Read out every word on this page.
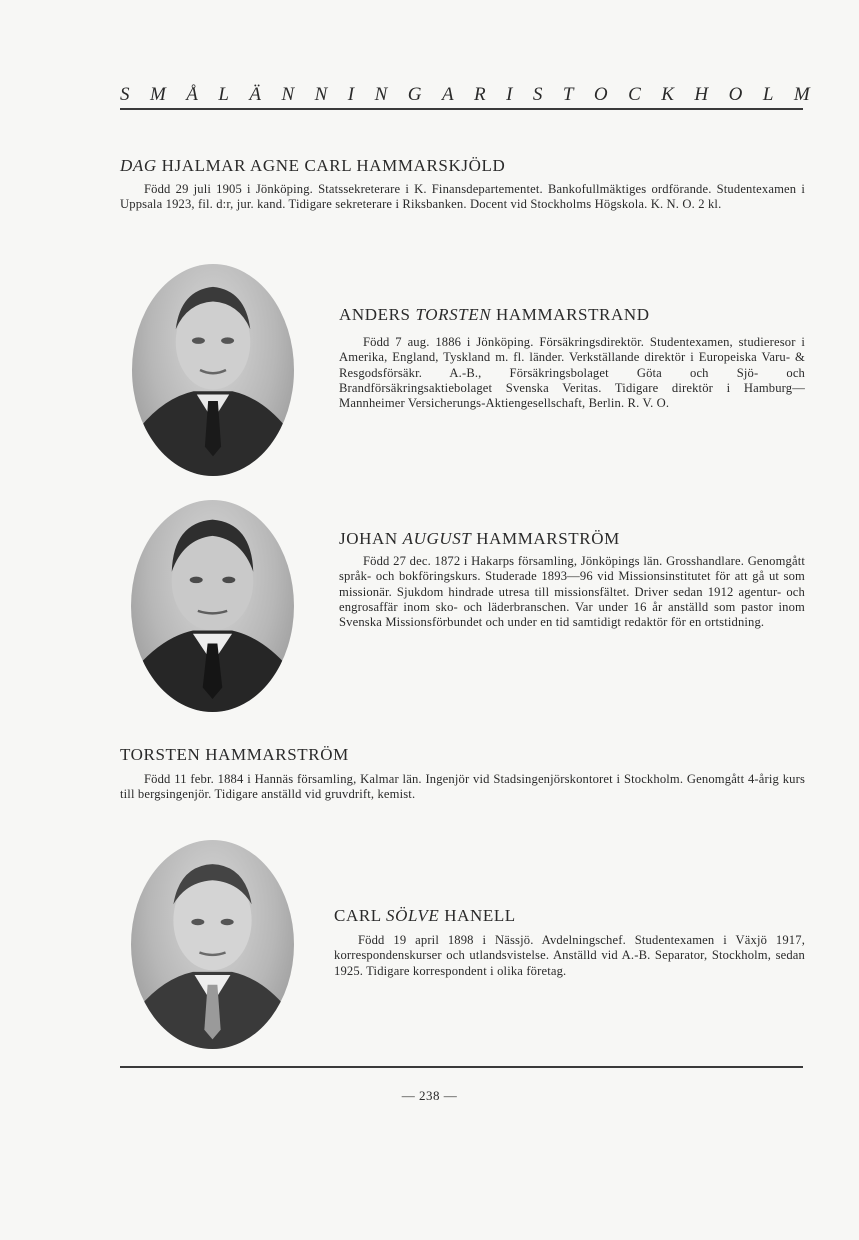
S M Å L Ä N N I N G A R I S T O C K H O L M
DAG HJALMAR AGNE CARL HAMMARSKJÖLD
Född 29 juli 1905 i Jönköping. Statssekreterare i K. Finansdepartementet. Bankofullmäktiges ordförande. Studentexamen i Uppsala 1923, fil. d:r, jur. kand. Tidigare sekreterare i Riksbanken. Docent vid Stockholms Högskola. K. N. O. 2 kl.
ANDERS TORSTEN HAMMARSTRAND
Född 7 aug. 1886 i Jönköping. Försäkringsdirektör. Studentexamen, studieresor i Amerika, England, Tyskland m. fl. länder. Verkställande direktör i Europeiska Varu- & Resgodsförsäkr. A.-B., Försäkringsbolaget Göta och Sjö- och Brandförsäkringsaktiebolaget Svenska Veritas. Tidigare direktör i Hamburg—Mannheimer Versicherungs-Aktiengesellschaft, Berlin. R. V. O.
JOHAN AUGUST HAMMARSTRÖM
Född 27 dec. 1872 i Hakarps församling, Jönköpings län. Grosshandlare. Genomgått språk- och bokföringskurs. Studerade 1893—96 vid Missionsinstitutet för att gå ut som missionär. Sjukdom hindrade utresa till missionsfältet. Driver sedan 1912 agentur- och engrosaffär inom sko- och läderbranschen. Var under 16 år anställd som pastor inom Svenska Missionsförbundet och under en tid samtidigt redaktör för en ortstidning.
TORSTEN HAMMARSTRÖM
Född 11 febr. 1884 i Hannäs församling, Kalmar län. Ingenjör vid Stadsingenjörskontoret i Stockholm. Genomgått 4-årig kurs till bergsingenjör. Tidigare anställd vid gruvdrift, kemist.
CARL SÖLVE HANELL
Född 19 april 1898 i Nässjö. Avdelningschef. Studentexamen i Växjö 1917, korrespondenskurser och utlandsvistelse. Anställd vid A.-B. Separator, Stockholm, sedan 1925. Tidigare korrespondent i olika företag.
— 238 —
